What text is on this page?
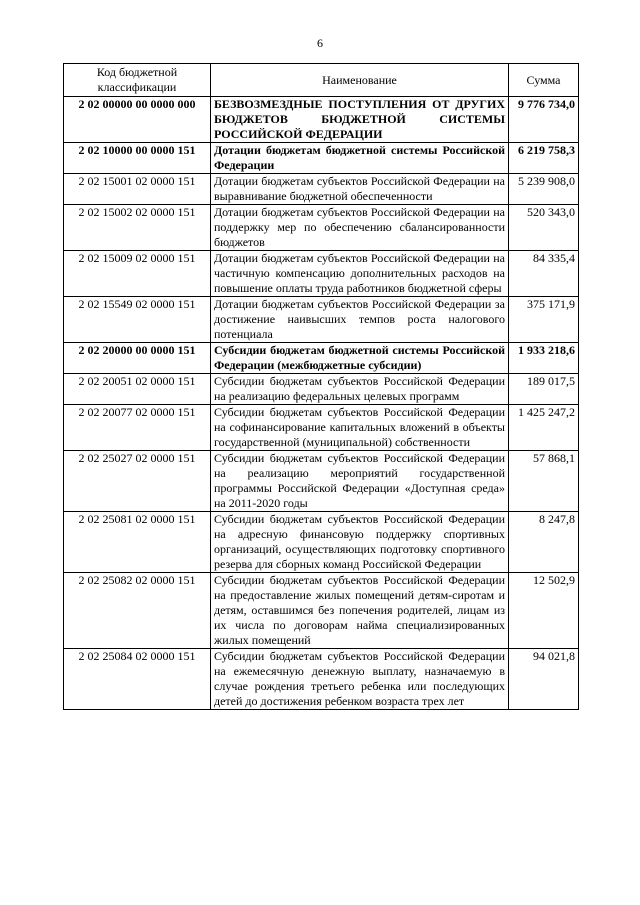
6
Код бюджетной классификации	Наименование	Сумма
2 02 00000 00 0000 000	БЕЗВОЗМЕЗДНЫЕ ПОСТУПЛЕНИЯ ОТ ДРУГИХ БЮДЖЕТОВ БЮДЖЕТНОЙ СИСТЕМЫ РОССИЙСКОЙ ФЕДЕРАЦИИ	9 776 734,0
2 02 10000 00 0000 151	Дотации бюджетам бюджетной системы Российской Федерации	6 219 758,3
2 02 15001 02 0000 151	Дотации бюджетам субъектов Российской Федерации на выравнивание бюджетной обеспеченности	5 239 908,0
2 02 15002 02 0000 151	Дотации бюджетам субъектов Российской Федерации на поддержку мер по обеспечению сбалансированности бюджетов	520 343,0
2 02 15009 02 0000 151	Дотации бюджетам субъектов Российской Федерации на частичную компенсацию дополнительных расходов на повышение оплаты труда работников бюджетной сферы	84 335,4
2 02 15549 02 0000 151	Дотации бюджетам субъектов Российской Федерации за достижение наивысших темпов роста налогового потенциала	375 171,9
2 02 20000 00 0000 151	Субсидии бюджетам бюджетной системы Российской Федерации (межбюджетные субсидии)	1 933 218,6
2 02 20051 02 0000 151	Субсидии бюджетам субъектов Российской Федерации на реализацию федеральных целевых программ	189 017,5
2 02 20077 02 0000 151	Субсидии бюджетам субъектов Российской Федерации на софинансирование капитальных вложений в объекты государственной (муниципальной) собственности	1 425 247,2
2 02 25027 02 0000 151	Субсидии бюджетам субъектов Российской Федерации на реализацию мероприятий государственной программы Российской Федерации «Доступная среда» на 2011-2020 годы	57 868,1
2 02 25081 02 0000 151	Субсидии бюджетам субъектов Российской Федерации на адресную финансовую поддержку спортивных организаций, осуществляющих подготовку спортивного резерва для сборных команд Российской Федерации	8 247,8
2 02 25082 02 0000 151	Субсидии бюджетам субъектов Российской Федерации на предоставление жилых помещений детям-сиротам и детям, оставшимся без попечения родителей, лицам из их числа по договорам найма специализированных жилых помещений	12 502,9
2 02 25084 02 0000 151	Субсидии бюджетам субъектов Российской Федерации на ежемесячную денежную выплату, назначаемую в случае рождения третьего ребенка или последующих детей до достижения ребенком возраста трех лет	94 021,8
